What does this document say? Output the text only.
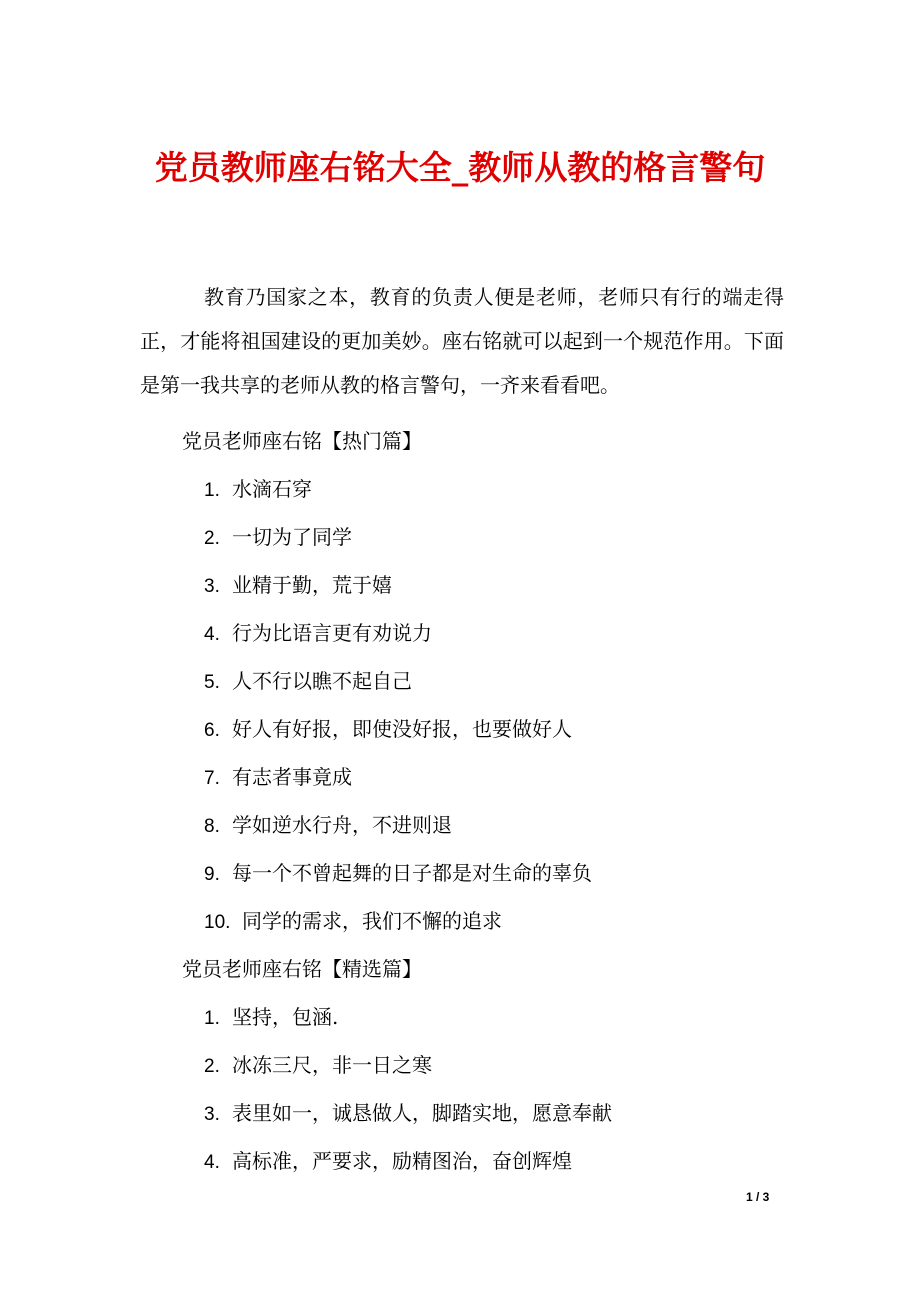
党员教师座右铭大全_教师从教的格言警句

教育乃国家之本，教育的负责人便是老师，老师只有行的端走得正，才能将祖国建设的更加美妙。座右铭就可以起到一个规范作用。下面是第一我共享的老师从教的格言警句，一齐来看看吧。

党员老师座右铭【热门篇】

1. 水滴石穿
2. 一切为了同学
3. 业精于勤，荒于嬉
4. 行为比语言更有劝说力
5. 人不行以瞧不起自己
6. 好人有好报，即使没好报，也要做好人
7. 有志者事竟成
8. 学如逆水行舟，不进则退
9. 每一个不曾起舞的日子都是对生命的辜负
10. 同学的需求，我们不懈的追求

党员老师座右铭【精选篇】

1. 坚持，包涵.
2. 冰冻三尺，非一日之寒
3. 表里如一，诚恳做人，脚踏实地，愿意奉献
4. 高标准，严要求，励精图治，奋创辉煌
1 / 3
